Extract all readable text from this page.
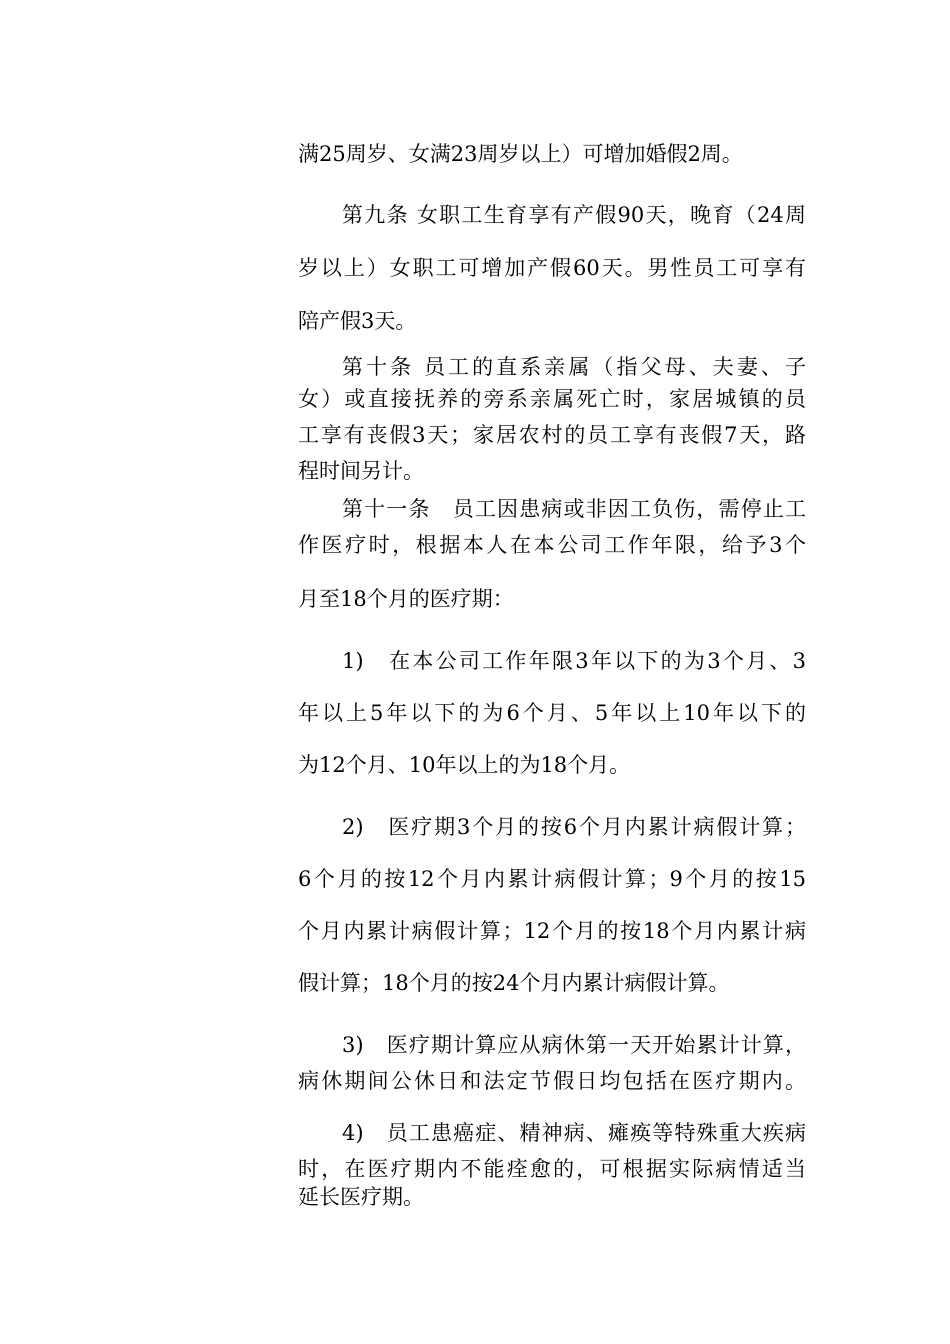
满25周岁、女满23周岁以上）可增加婚假2周。
第九条 女职工生育享有产假90天，晚育（24周
岁以上）女职工可增加产假60天。男性员工可享有
陪产假3天。
第十条 员工的直系亲属（指父母、夫妻、子
女）或直接抚养的旁系亲属死亡时，家居城镇的员
工享有丧假3天；家居农村的员工享有丧假7天，路
程时间另计。
第十一条　员工因患病或非因工负伤，需停止工
作医疗时，根据本人在本公司工作年限，给予3个
月至18个月的医疗期：
1)　在本公司工作年限3年以下的为3个月、3
年以上5年以下的为6个月、5年以上10年以下的
为12个月、10年以上的为18个月。
2)　医疗期3个月的按6个月内累计病假计算；
6个月的按12个月内累计病假计算；9个月的按15
个月内累计病假计算；12个月的按18个月内累计病
假计算；18个月的按24个月内累计病假计算。
3)　医疗期计算应从病休第一天开始累计计算，
病休期间公休日和法定节假日均包括在医疗期内。
4)　员工患癌症、精神病、瘫痪等特殊重大疾病
时，在医疗期内不能痊愈的，可根据实际病情适当
延长医疗期。
